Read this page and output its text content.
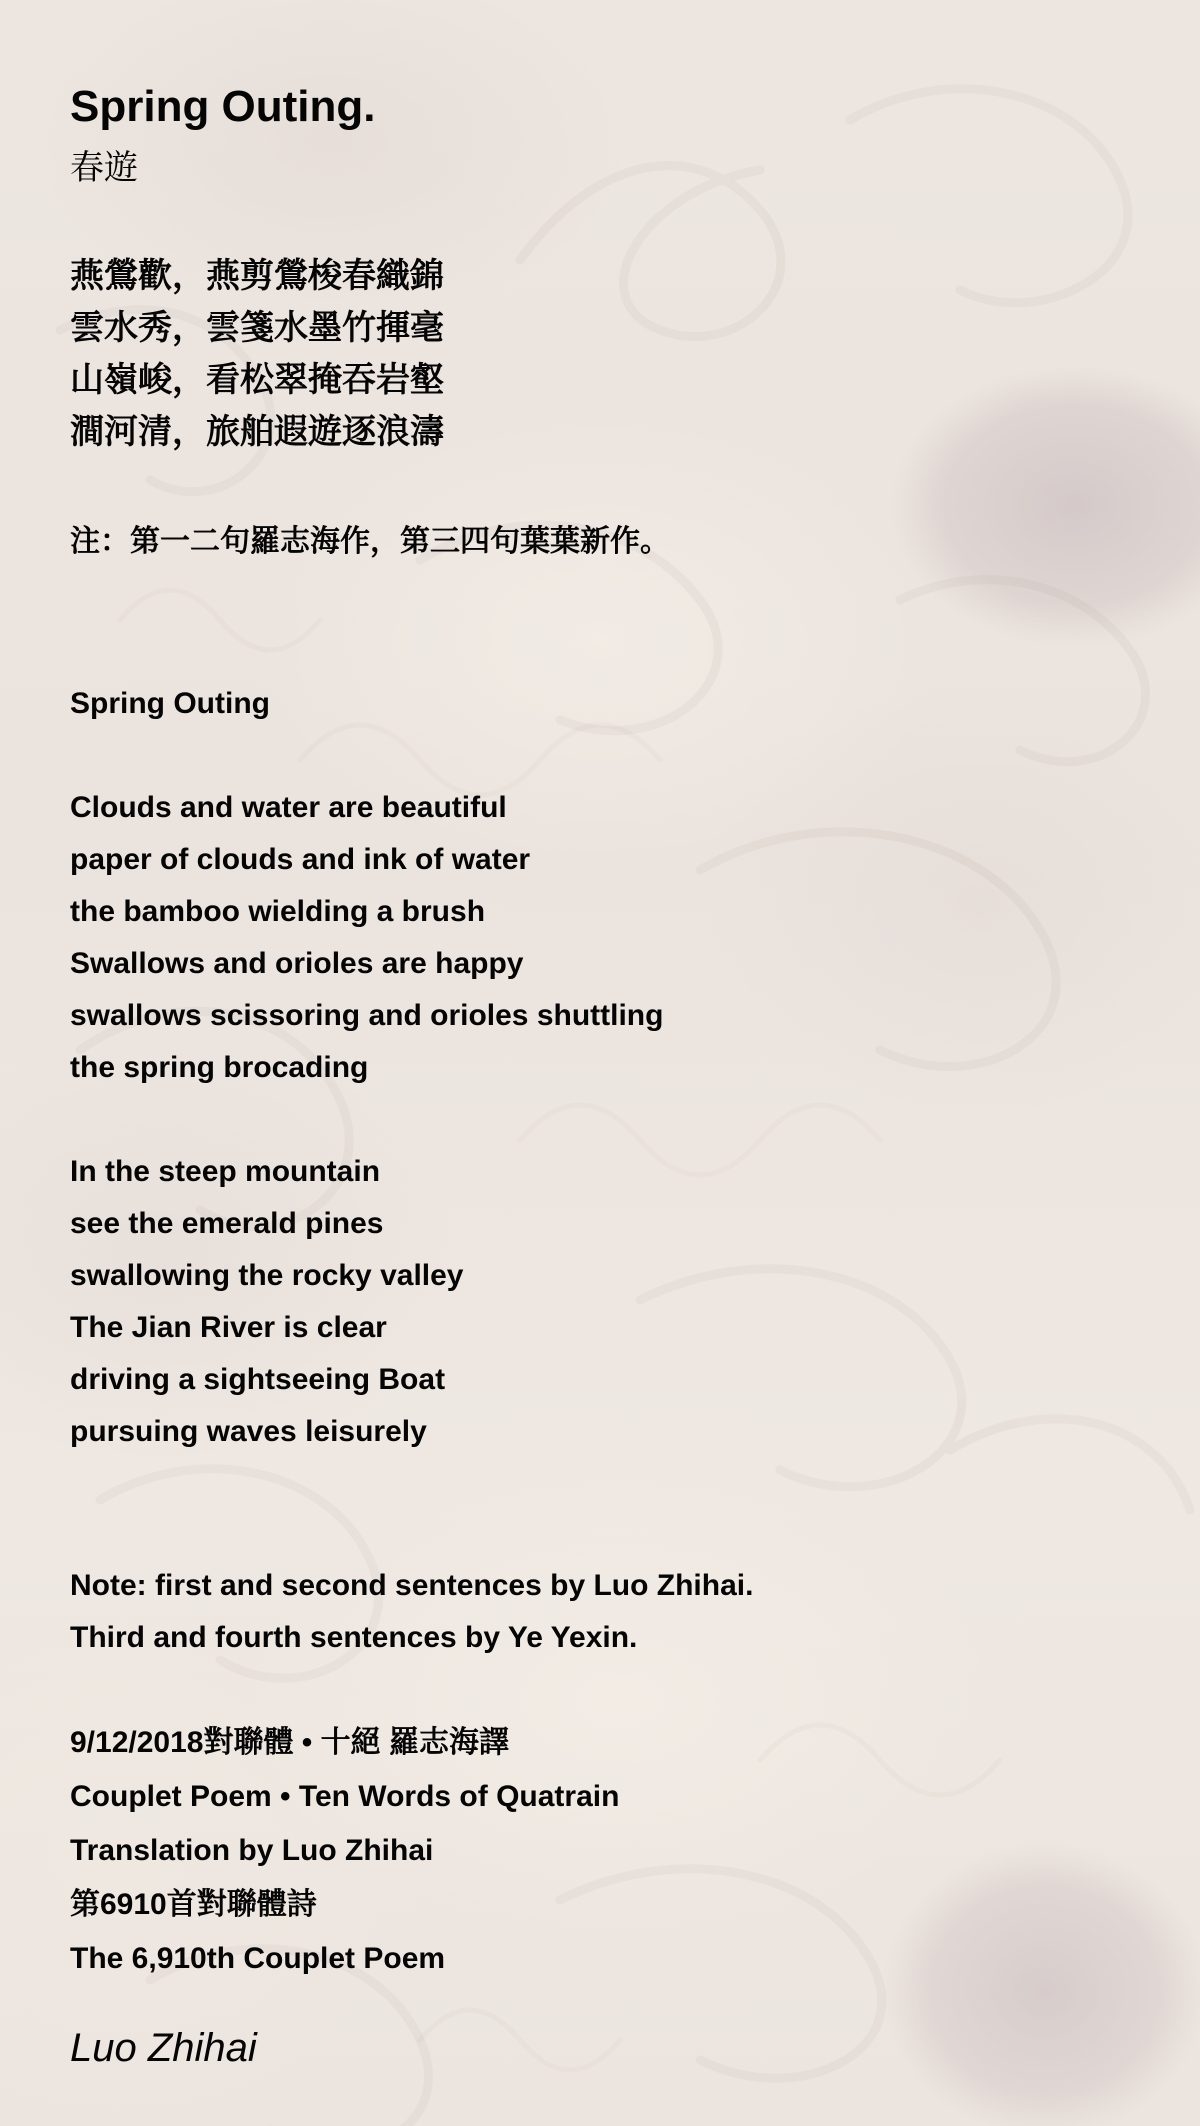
Spring Outing.
春遊
燕鶯歡，燕剪鶯梭春織錦
雲水秀，雲箋水墨竹揮毫
山嶺峻，看松翠掩吞岩壑
澗河清，旅舶遐遊逐浪濤
注：第一二句羅志海作，第三四句葉葉新作。
Spring Outing
Clouds and water are beautiful
paper of clouds and ink of water
the bamboo wielding a brush
Swallows and orioles are happy
swallows scissoring and orioles shuttling
the spring brocading
In the steep mountain
see the emerald pines
swallowing the rocky valley
The Jian River is clear
driving a sightseeing Boat
pursuing waves leisurely
Note: first and second sentences by Luo Zhihai.
Third and fourth sentences by Ye Yexin.
9/12/2018對聯體 • 十絕 羅志海譯
Couplet Poem • Ten Words of Quatrain
Translation by Luo Zhihai
第6910首對聯體詩
The 6,910th Couplet Poem
Luo Zhihai
